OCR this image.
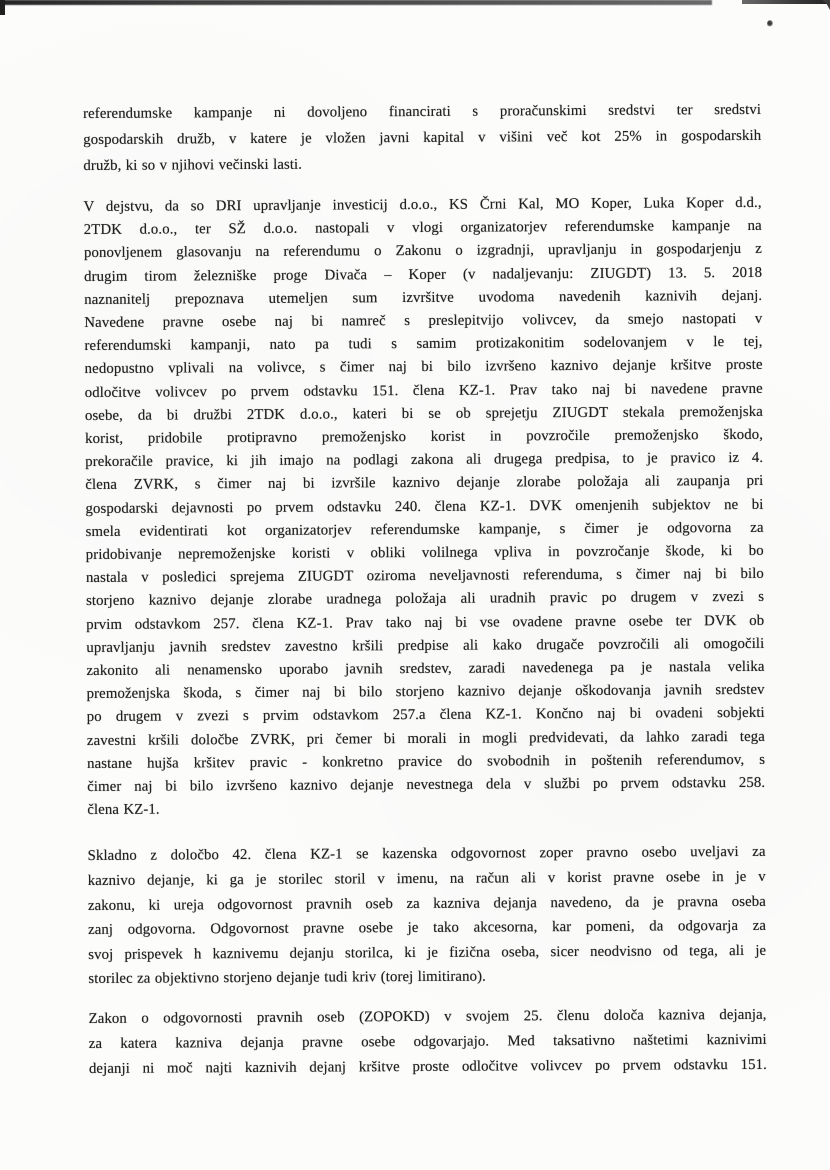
referendumske kampanje ni dovoljeno financirati s proračunskimi sredstvi ter sredstvi
gospodarskih družb, v katere je vložen javni kapital v višini več kot 25% in gospodarskih
družb, ki so v njihovi večinski lasti.
V dejstvu, da so DRI upravljanje investicij d.o.o., KS Črni Kal, MO Koper, Luka Koper d.d.,
2TDK d.o.o., ter SŽ d.o.o. nastopali v vlogi organizatorjev referendumske kampanje na
ponovljenem glasovanju na referendumu o Zakonu o izgradnji, upravljanju in gospodarjenju z
drugim tirom železniške proge Divača – Koper (v nadaljevanju: ZIUGDT) 13. 5. 2018
naznanitelj prepoznava utemeljen sum izvršitve uvodoma navedenih kaznivih dejanj.
Navedene pravne osebe naj bi namreč s preslepitvijo volivcev, da smejo nastopati v
referendumski kampanji, nato pa tudi s samim protizakonitim sodelovanjem v le tej,
nedopustno vplivali na volivce, s čimer naj bi bilo izvršeno kaznivo dejanje kršitve proste
odločitve volivcev po prvem odstavku 151. člena KZ-1. Prav tako naj bi navedene pravne
osebe, da bi družbi 2TDK d.o.o., kateri bi se ob sprejetju ZIUGDT stekala premoženjska
korist, pridobile protipravno premoženjsko korist in povzročile premoženjsko škodo,
prekoračile pravice, ki jih imajo na podlagi zakona ali drugega predpisa, to je pravico iz 4.
člena ZVRK, s čimer naj bi izvršile kaznivo dejanje zlorabe položaja ali zaupanja pri
gospodarski dejavnosti po prvem odstavku 240. člena KZ-1. DVK omenjenih subjektov ne bi
smela evidentirati kot organizatorjev referendumske kampanje, s čimer je odgovorna za
pridobivanje nepremoženjske koristi v obliki volilnega vpliva in povzročanje škode, ki bo
nastala v posledici sprejema ZIUGDT oziroma neveljavnosti referenduma, s čimer naj bi bilo
storjeno kaznivo dejanje zlorabe uradnega položaja ali uradnih pravic po drugem v zvezi s
prvim odstavkom 257. člena KZ-1. Prav tako naj bi vse ovadene pravne osebe ter DVK ob
upravljanju javnih sredstev zavestno kršili predpise ali kako drugače povzročili ali omogočili
zakonito ali nenamensko uporabo javnih sredstev, zaradi navedenega pa je nastala velika
premoženjska škoda, s čimer naj bi bilo storjeno kaznivo dejanje oškodovanja javnih sredstev
po drugem v zvezi s prvim odstavkom 257.a člena KZ-1. Končno naj bi ovadeni sobjekti
zavestni kršili določbe ZVRK, pri čemer bi morali in mogli predvidevati, da lahko zaradi tega
nastane hujša kršitev pravic - konkretno pravice do svobodnih in poštenih referendumov, s
čimer naj bi bilo izvršeno kaznivo dejanje nevestnega dela v službi po prvem odstavku 258.
člena KZ-1.
Skladno z določbo 42. člena KZ-1 se kazenska odgovornost zoper pravno osebo uveljavi za
kaznivo dejanje, ki ga je storilec storil v imenu, na račun ali v korist pravne osebe in je v
zakonu, ki ureja odgovornost pravnih oseb za kazniva dejanja navedeno, da je pravna oseba
zanj odgovorna. Odgovornost pravne osebe je tako akcesorna, kar pomeni, da odgovarja za
svoj prispevek h kaznivemu dejanju storilca, ki je fizična oseba, sicer neodvisno od tega, ali je
storilec za objektivno storjeno dejanje tudi kriv (torej limitirano).
Zakon o odgovornosti pravnih oseb (ZOPOKD) v svojem 25. členu določa kazniva dejanja,
za katera kazniva dejanja pravne osebe odgovarjajo. Med taksativno naštetimi kaznivimi
dejanji ni moč najti kaznivih dejanj kršitve proste odločitve volivcev po prvem odstavku 151.
